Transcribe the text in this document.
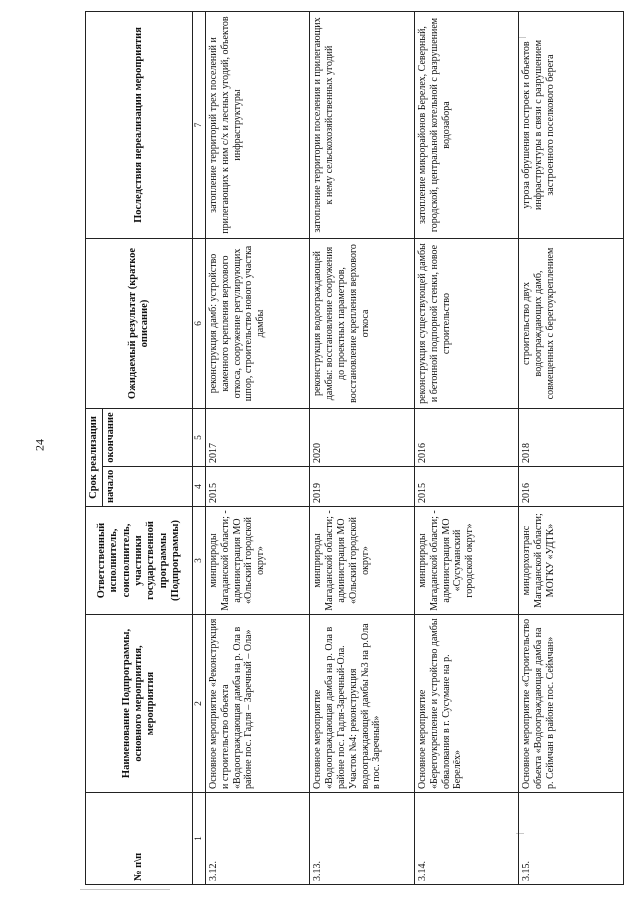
24
№ п\п	Наименование Подпрограммы, основного мероприятия, мероприятия	Ответственный исполнитель, соисполнитель, участники государственной программы (Подпрограммы)	Срок реализации		Ожидаемый результат (краткое описание)	Последствия нереализации мероприятия
			начало	окончание		
1	2	3	4	5	6	7
3.12.	Основное мероприятие «Реконструкция и строительство объекта «Водоограждающая дамба на р. Ола в районе пос. Гадля – Заречный – Ола»	минприроды Магаданской области; - администрация МО «Ольский городской округ»	2015	2017	реконструкция дамб: устройство каменного крепления верхового откоса, сооружение регулирующих шпор, строительство нового участка дамбы	затопление территорий трех поселений и прилегающих к ним с/х и лесных угодий, объектов инфраструктуры
3.13.	Основное мероприятие «Водоограждающая дамба на р. Ола в районе пос. Гадля-Заречный-Ола. Участок №4: реконструкция водоограждающей дамбы №3 на р.Ола в пос. Заречный»	минприроды Магаданской области; - администрация МО «Ольский городской округ»	2019	2020	реконструкция водоограждающей дамбы: восстановление сооружения до проектных параметров, восстановление крепления верхового откоса	затопление территории поселения и прилегающих к нему сельскохозяйственных угодий
3.14.	Основное мероприятие «Берегоукрепление и устройство дамбы обвалования в г. Сусумане на р. Берелёх»	минприроды Магаданской области; - администрация МО «Сусуманский городской округ»	2015	2016	реконструкция существующей дамбы и бетонной подпорной стенки, новое строительство	затопление микрорайонов Берелех, Северный, городской, центральной котельной с разрушением водозабора
3.15.	Основное мероприятие «Строительство объекта «Водоограждающая дамба на р. Сеймчан в районе пос. Сеймчан»	миндорхозтранс Магаданской области; МОГКУ «УДТК»	2016	2018	строительство двух водоограждающих дамб, совмещенных с берегоукреплением	угроза обрушения построек и объектов инфраструктуры в связи с разрушением застроенного поселкового берега
